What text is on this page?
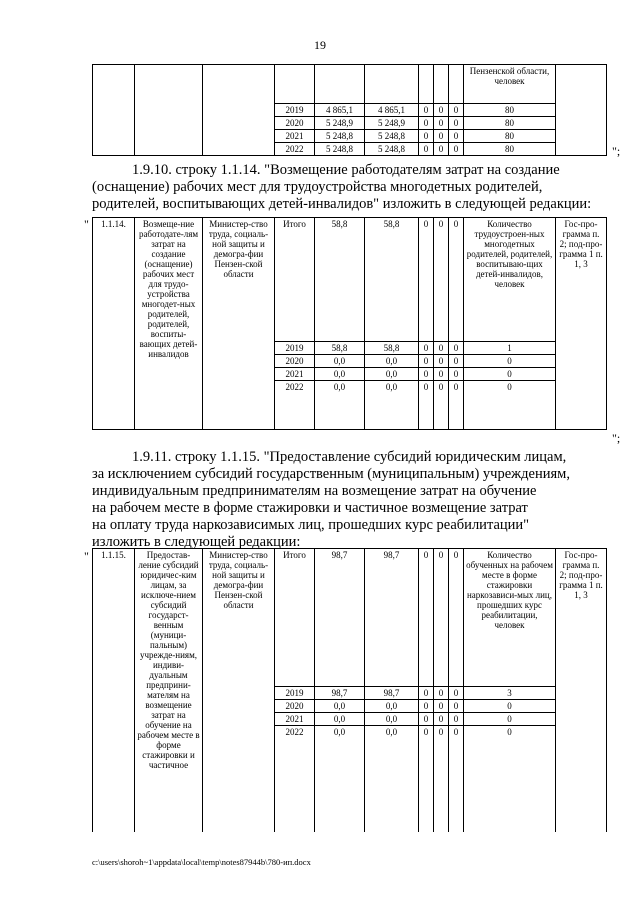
19
									Пензенской области, человек	
			2019	4 865,1	4 865,1	0	0	0	80	
			2020	5 248,9	5 248,9	0	0	0	80	
			2021	5 248,8	5 248,8	0	0	0	80	
			2022	5 248,8	5 248,8	0	0	0	80		";
1.9.10. строку 1.1.14. "Возмещение работодателям затрат на создание
(оснащение) рабочих мест для трудоустройства многодетных родителей,
родителей, воспитывающих детей-инвалидов" изложить в следующей редакции:
" 1.1.14.	Возмеще-ние работодате-лям затрат на создание (оснащение) рабочих мест для трудо-устройства многодет-ных родителей, родителей, воспиты-вающих детей-инвалидов	Министер-ство труда, социаль-ной защиты и демогра-фии Пензен-ской области	Итого	58,8	58,8	0	0	0	Количество трудоустроен-ных многодетных родителей, родителей, воспитываю-щих детей-инвалидов, человек	Гос-про-грамма п. 2; под-про-грамма 1 п. 1, 3
			2019	58,8	58,8	0	0	0	1	
			2020	0,0	0,0	0	0	0	0	
			2021	0,0	0,0	0	0	0	0	
			2022	0,0	0,0	0	0	0	0	
";
1.9.11. строку 1.1.15. "Предоставление субсидий юридическим лицам,
за исключением субсидий государственным (муниципальным) учреждениям,
индивидуальным предпринимателям на возмещение затрат на обучение
на рабочем месте в форме стажировки и частичное возмещение затрат
на оплату труда наркозависимых лиц, прошедших курс реабилитации"
изложить в следующей редакции:
" 1.1.15.	Предостав-ление субсидий юридичес-ким лицам, за исключе-нием субсидий государст-венным (муници-пальным) учрежде-ниям, индиви-дуальным предприни-мателям на возмещение затрат на обучение на рабочем месте в форме стажировки и частичное	Министер-ство труда, социаль-ной защиты и демогра-фии Пензен-ской области	Итого	98,7	98,7	0	0	0	Количество обученных на рабочем месте в форме стажировки наркозависи-мых лиц, прошедших курс реабилитации, человек	Гос-про-грамма п. 2; под-про-грамма 1 п. 1, 3
			2019	98,7	98,7	0	0	0	3	
			2020	0,0	0,0	0	0	0	0	
			2021	0,0	0,0	0	0	0	0	
			2022	0,0	0,0	0	0	0	0	
c:\users\shoroh~1\appdata\local\temp\notes87944b\780-ип.docx
